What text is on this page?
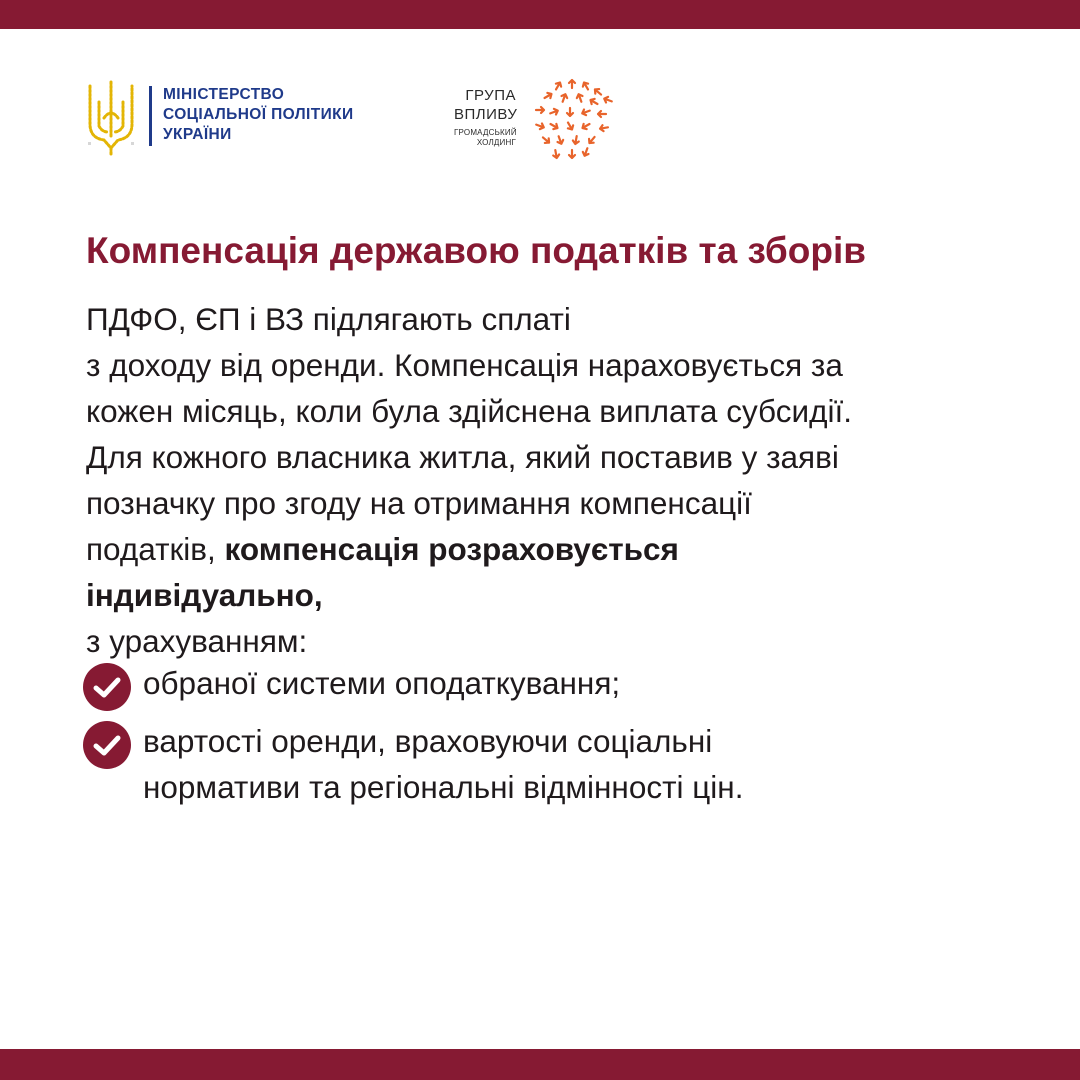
МІНІСТЕРСТВО
СОЦІАЛЬНОЇ ПОЛІТИКИ
УКРАЇНИ
ГРУПА
ВПЛИВУ
ГРОМАДСЬКИЙ
ХОЛДИНГ
Компенсація державою податків та зборів
ПДФО, ЄП і ВЗ підлягають сплаті
з доходу від оренди. Компенсація нараховується за
кожен місяць, коли була здійснена виплата субсидії.
Для кожного власника житла, який поставив у заяві
позначку про згоду на отримання компенсації
податків, компенсація розраховується
індивідуально,
з урахуванням:
обраної системи оподаткування;
вартості оренди, враховуючи соціальні
нормативи та регіональні відмінності цін.
